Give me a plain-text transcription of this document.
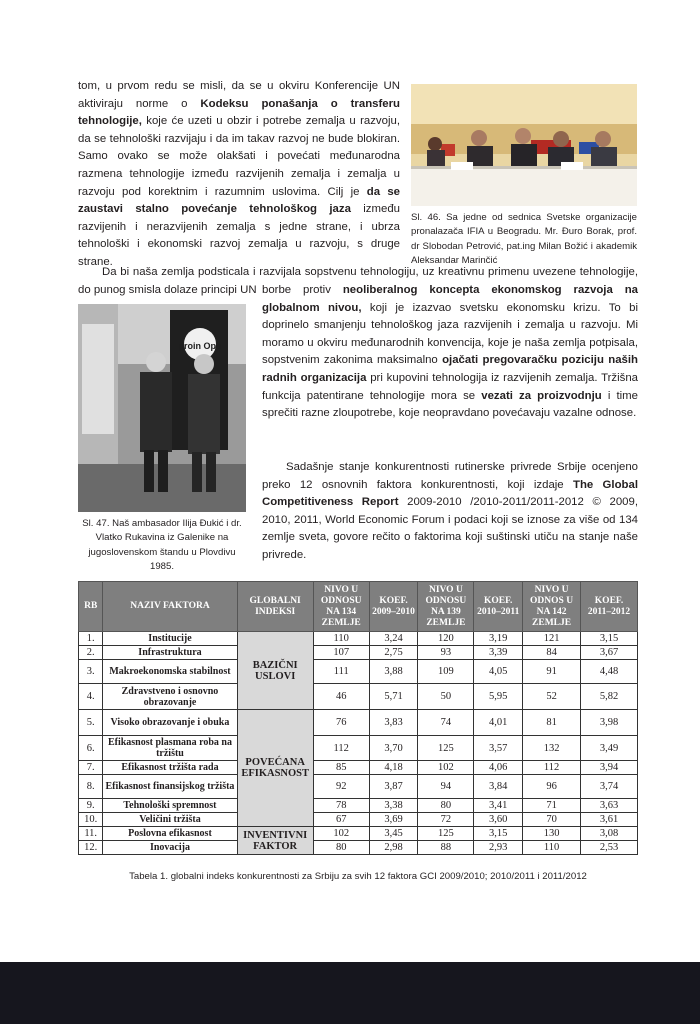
tom, u prvom redu se misli, da se u okviru Konferencije UN aktiviraju norme o Kodeksu ponašanja o transferu tehnologije, koje će uzeti u obzir i potrebe zemalja u razvoju, da se tehnološki razvijaju i da im takav razvoj ne bude blokiran. Samo ovako se može olakšati i povećati međunarodna razmena tehnologije između razvijenih zemalja i zemalja u razvoju pod korektnim i razumnim uslovima. Cilj je da se zaustavi stalno povećanje tehnološkog jaza između razvijenih i nerazvijenih zemalja s jedne strane, i ubrza tehnološki i ekonomski razvoj zemalja u razvoju, s druge strane.

Sl. 46. Sa jedne od sednica Svetske organizacije pronalazača IFIA u Beogradu. Mr. Đuro Borak, prof. dr Slobodan Petrović, pat.ing Milan Božić i akademik Aleksandar Marinčić

Da bi naša zemlja podsticala i razvijala sopstvenu tehnologiju, uz kreativnu primenu uvezene tehnologije, do punog smisla dolaze principi UN

proin Opti

borbe protiv neoliberalnog koncepta ekonomskog razvoja na globalnom nivou, koji je izazvao svetsku ekonomsku krizu. To bi doprinelo smanjenju tehnološkog jaza razvijenih i zemalja u razvoju. Mi moramo u okviru međunarodnih konvencija, koje je naša zemlja potpisala, sopstvenim zakonima maksimalno ojačati pregovaračku poziciju naših radnih organizacija pri kupovini tehnologija iz razvijenih zemalja. Tržišna funkcija patentirane tehnologije mora se vezati za proizvodnju i time sprečiti razne zloupotrebe, koje neopravdano povećavaju vazalne odnose.

Sadašnje stanje konkurentnosti rutinerske privrede Srbije ocenjeno preko 12 osnovnih faktora konkurentnosti, koji izdaje The Global Competitiveness Report 2009-2010 /2010-2011/2011-2012 © 2009, 2010, 2011, World Economic Forum i podaci koji se iznose za više od 134 zemlje sveta, govore rečito o faktorima koji suštinski utiču na stanje naše privrede.

Sl. 47. Naš ambasador Ilija Đukić i dr. Vlatko Rukavina iz Galenike na jugoslovenskom štandu u Plovdivu 1985.

RB	NAZIV FAKTORA	GLOBALNI INDEKSI	NIVO U ODNOSU NA 134 ZEMLJE	KOEF. 2009–2010	NIVO U ODNOSU NA 139 ZEMLJE	KOEF. 2010–2011	NIVO U ODNOS U NA 142 ZEMLJE	KOEF. 2011–2012
1.	Institucije	BAZIČNI USLOVI	110	3,24	120	3,19	121	3,15
2.	Infrastruktura		107	2,75	93	3,39	84	3,67
3.	Makroekonomska stabilnost		111	3,88	109	4,05	91	4,48
4.	Zdravstveno i osnovno obrazovanje		46	5,71	50	5,95	52	5,82
5.	Visoko obrazovanje i obuka	POVEĆANA EFIKASNOST	76	3,83	74	4,01	81	3,98
6.	Efikasnost plasmana roba na tržištu		112	3,70	125	3,57	132	3,49
7.	Efikasnost tržišta rada		85	4,18	102	4,06	112	3,94
8.	Efikasnost finansijskog tržišta		92	3,87	94	3,84	96	3,74
9.	Tehnološki spremnost		78	3,38	80	3,41	71	3,63
10.	Veličini tržišta		67	3,69	72	3,60	70	3,61
11.	Poslovna efikasnost	INVENTIVNI FAKTOR	102	3,45	125	3,15	130	3,08
12.	Inovacija		80	2,98	88	2,93	110	2,53

Tabela 1. globalni indeks konkurentnosti za Srbiju za svih 12 faktora GCI 2009/2010; 2010/2011 i 2011/2012
